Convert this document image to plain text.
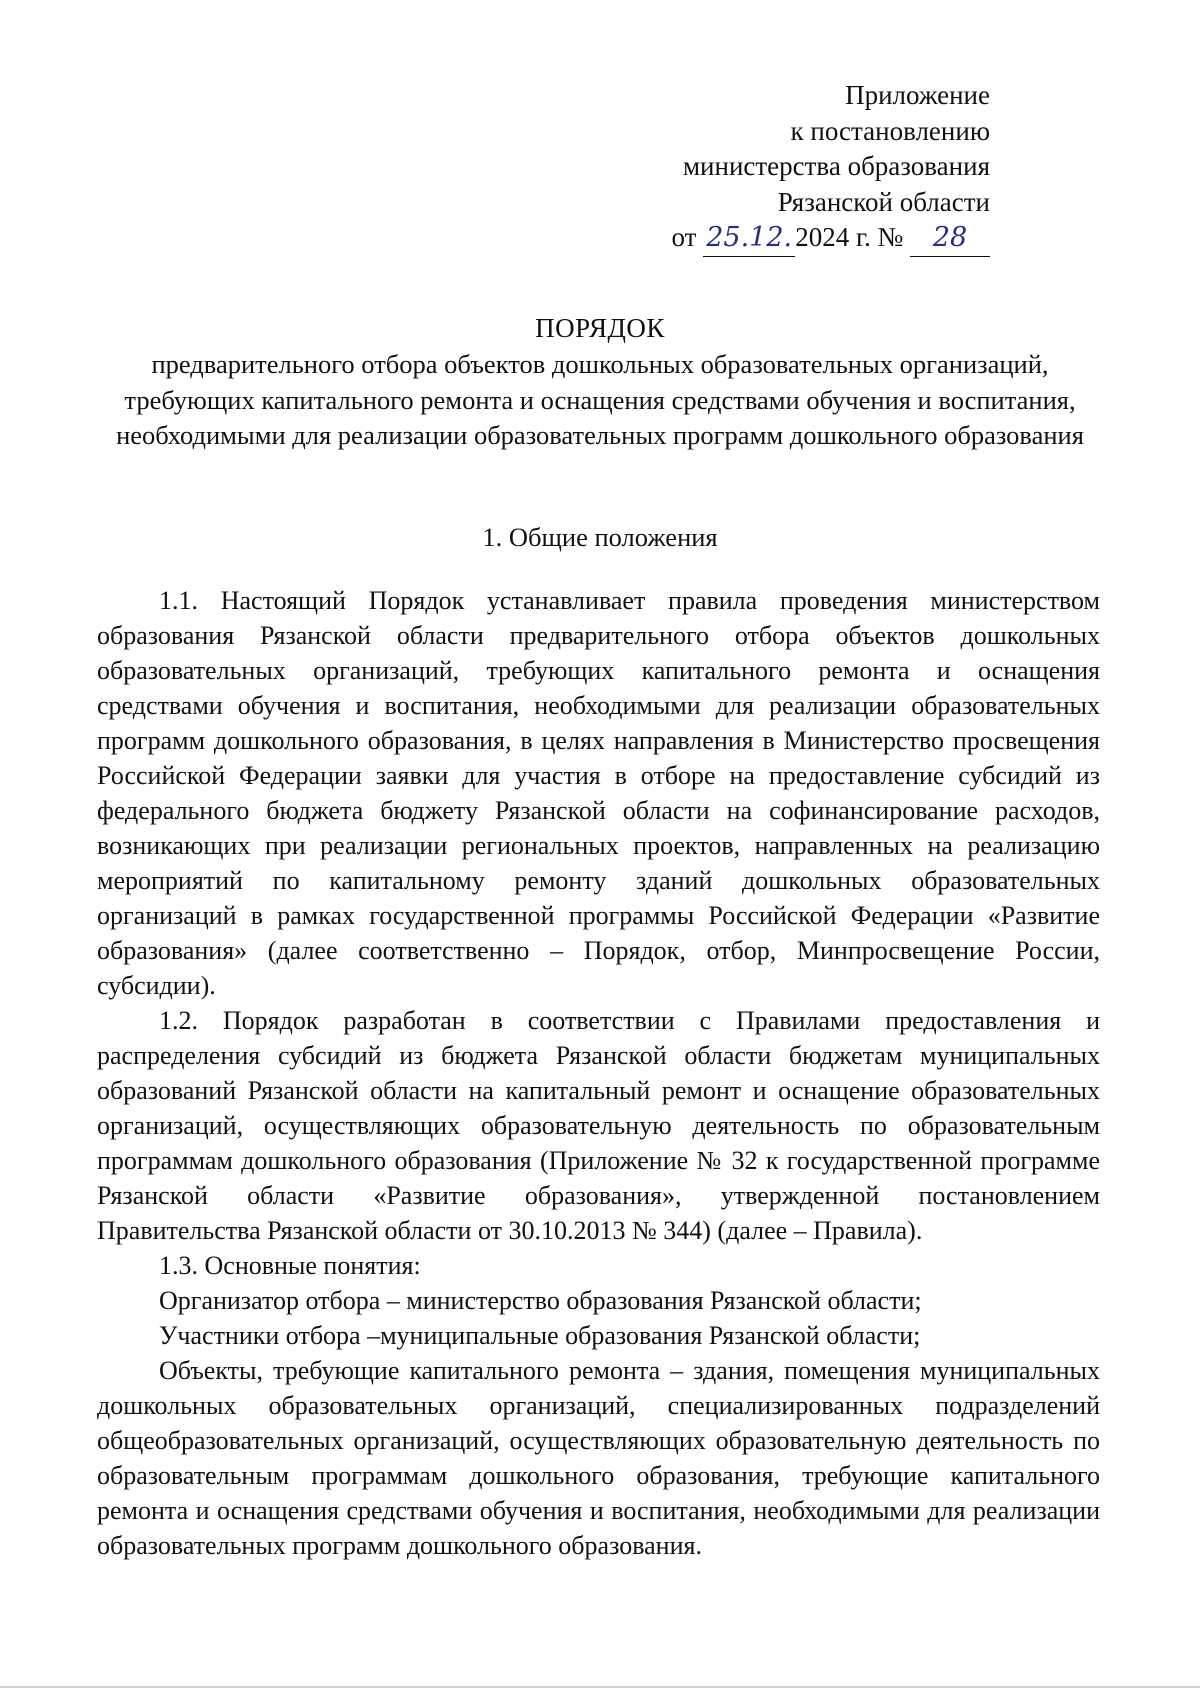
Приложение
к постановлению
министерства образования
Рязанской области
от 25.12. 2024 г. № 28
ПОРЯДОК
предварительного отбора объектов дошкольных образовательных организаций, требующих капитального ремонта и оснащения средствами обучения и воспитания, необходимыми для реализации образовательных программ дошкольного образования
1. Общие положения

1.1. Настоящий Порядок устанавливает правила проведения министерством образования Рязанской области предварительного отбора объектов дошкольных образовательных организаций, требующих капитального ремонта и оснащения средствами обучения и воспитания, необходимыми для реализации образовательных программ дошкольного образования, в целях направления в Министерство просвещения Российской Федерации заявки для участия в отборе на предоставление субсидий из федерального бюджета бюджету Рязанской области на софинансирование расходов, возникающих при реализации региональных проектов, направленных на реализацию мероприятий по капитальному ремонту зданий дошкольных образовательных организаций в рамках государственной программы Российской Федерации «Развитие образования» (далее соответственно – Порядок, отбор, Минпросвещение России, субсидии).

1.2. Порядок разработан в соответствии с Правилами предоставления и распределения субсидий из бюджета Рязанской области бюджетам муниципальных образований Рязанской области на капитальный ремонт и оснащение образовательных организаций, осуществляющих образовательную деятельность по образовательным программам дошкольного образования (Приложение № 32 к государственной программе Рязанской области «Развитие образования», утвержденной постановлением Правительства Рязанской области от 30.10.2013 № 344) (далее – Правила).

1.3. Основные понятия:

Организатор отбора – министерство образования Рязанской области;

Участники отбора –муниципальные образования Рязанской области;

Объекты, требующие капитального ремонта – здания, помещения муниципальных дошкольных образовательных организаций, специализированных подразделений общеобразовательных организаций, осуществляющих образовательную деятельность по образовательным программам дошкольного образования, требующие капитального ремонта и оснащения средствами обучения и воспитания, необходимыми для реализации образовательных программ дошкольного образования.
